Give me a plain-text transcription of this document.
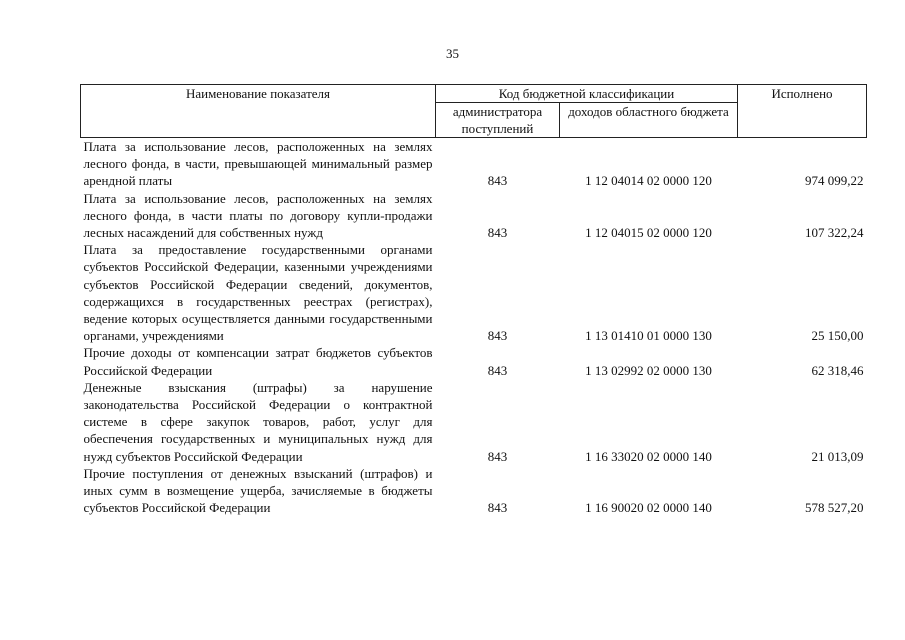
35
Наименование показателя	Код бюджетной классификации		Исполнено
	администратора поступлений	доходов областного бюджета	
Плата за использование лесов, расположенных на землях лесного фонда, в части, превышающей минимальный размер арендной платы	843	1 12 04014 02 0000 120	974 099,22
Плата за использование лесов, расположенных на землях лесного фонда, в части платы по договору купли-продажи лесных насаждений для собственных нужд	843	1 12 04015 02 0000 120	107 322,24
Плата за предоставление государственными органами субъектов Российской Федерации, казенными учреждениями субъектов Российской Федерации сведений, документов, содержащихся в государственных реестрах (регистрах), ведение которых осуществляется данными государственными органами, учреждениями	843	1 13 01410 01 0000 130	25 150,00
Прочие доходы от компенсации затрат бюджетов субъектов Российской Федерации	843	1 13 02992 02 0000 130	62 318,46
Денежные взыскания (штрафы) за нарушение законодательства Российской Федерации о контрактной системе в сфере закупок товаров, работ, услуг для обеспечения государственных и муниципальных нужд для нужд субъектов Российской Федерации	843	1 16 33020 02 0000 140	21 013,09
Прочие поступления от денежных взысканий (штрафов) и иных сумм в возмещение ущерба, зачисляемые в бюджеты субъектов Российской Федерации	843	1 16 90020 02 0000 140	578 527,20
